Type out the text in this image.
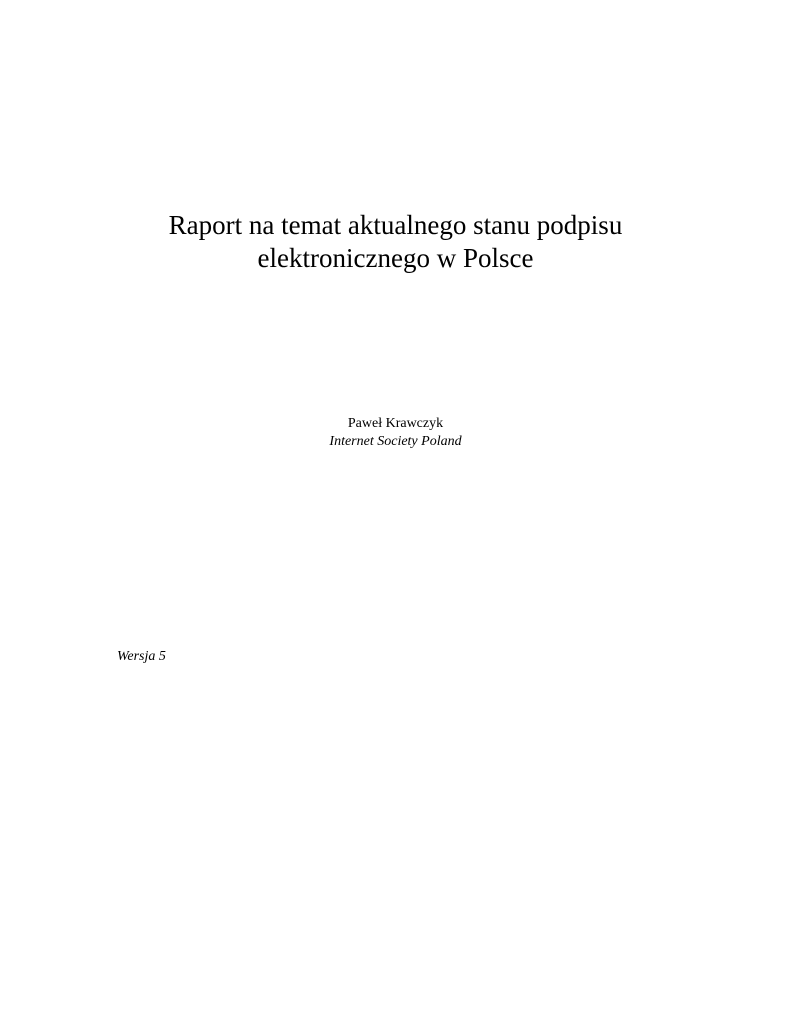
Raport na temat aktualnego stanu podpisu
elektronicznego w Polsce
Paweł Krawczyk
Internet Society Poland
Wersja 5
